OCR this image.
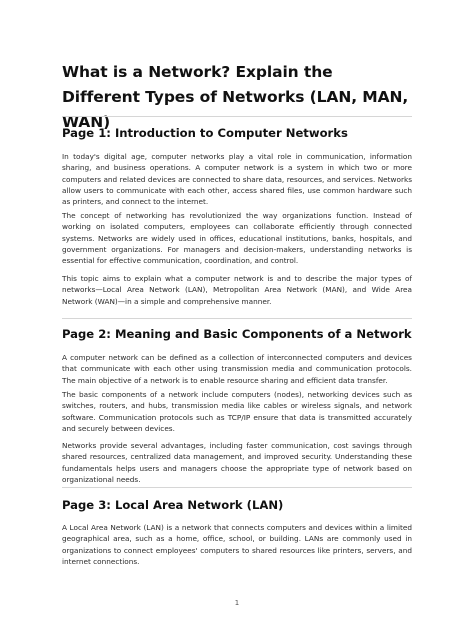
What is a Network? Explain the Different Types of Networks (LAN, MAN, WAN)
Page 1: Introduction to Computer Networks

In today's digital age, computer networks play a vital role in communication, information sharing, and business operations. A computer network is a system in which two or more computers and related devices are connected to share data, resources, and services. Networks allow users to communicate with each other, access shared files, use common hardware such as printers, and connect to the internet.

The concept of networking has revolutionized the way organizations function. Instead of working on isolated computers, employees can collaborate efficiently through connected systems. Networks are widely used in offices, educational institutions, banks, hospitals, and government organizations. For managers and decision-makers, understanding networks is essential for effective communication, coordination, and control.

This topic aims to explain what a computer network is and to describe the major types of networks—Local Area Network (LAN), Metropolitan Area Network (MAN), and Wide Area Network (WAN)—in a simple and comprehensive manner.

Page 2: Meaning and Basic Components of a Network

A computer network can be defined as a collection of interconnected computers and devices that communicate with each other using transmission media and communication protocols. The main objective of a network is to enable resource sharing and efficient data transfer.

The basic components of a network include computers (nodes), networking devices such as switches, routers, and hubs, transmission media like cables or wireless signals, and network software. Communication protocols such as TCP/IP ensure that data is transmitted accurately and securely between devices.

Networks provide several advantages, including faster communication, cost savings through shared resources, centralized data management, and improved security. Understanding these fundamentals helps users and managers choose the appropriate type of network based on organizational needs.

Page 3: Local Area Network (LAN)

A Local Area Network (LAN) is a network that connects computers and devices within a limited geographical area, such as a home, office, school, or building. LANs are commonly used in organizations to connect employees' computers to shared resources like printers, servers, and internet connections.

1
